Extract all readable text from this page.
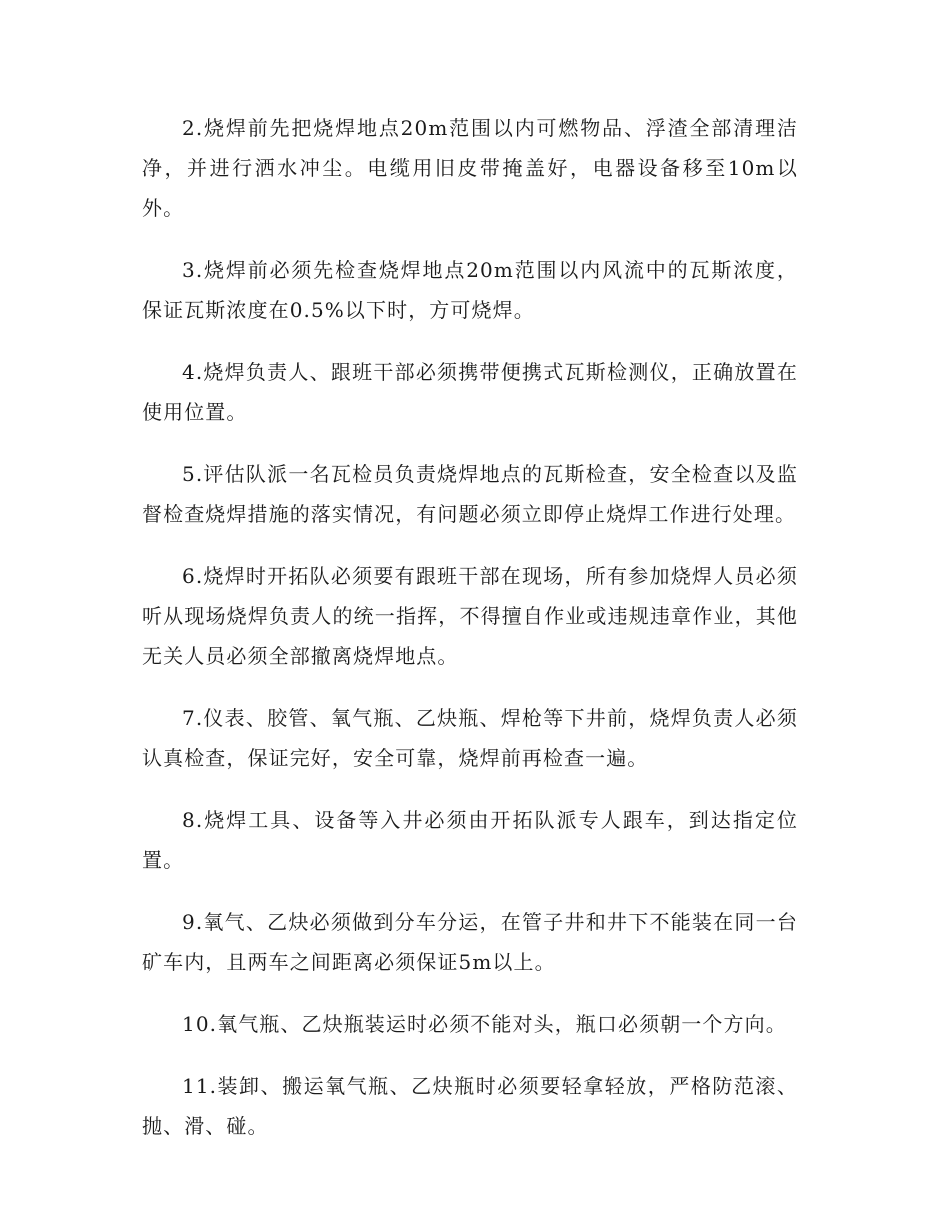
2.烧焊前先把烧焊地点20m范围以内可燃物品、浮渣全部清理洁净，并进行洒水冲尘。电缆用旧皮带掩盖好，电器设备移至10m以外。

3.烧焊前必须先检查烧焊地点20m范围以内风流中的瓦斯浓度，保证瓦斯浓度在0.5%以下时，方可烧焊。

4.烧焊负责人、跟班干部必须携带便携式瓦斯检测仪，正确放置在使用位置。

5.评估队派一名瓦检员负责烧焊地点的瓦斯检查，安全检查以及监督检查烧焊措施的落实情况，有问题必须立即停止烧焊工作进行处理。

6.烧焊时开拓队必须要有跟班干部在现场，所有参加烧焊人员必须听从现场烧焊负责人的统一指挥，不得擅自作业或违规违章作业，其他无关人员必须全部撤离烧焊地点。

7.仪表、胶管、氧气瓶、乙炔瓶、焊枪等下井前，烧焊负责人必须认真检查，保证完好，安全可靠，烧焊前再检查一遍。

8.烧焊工具、设备等入井必须由开拓队派专人跟车，到达指定位置。

9.氧气、乙炔必须做到分车分运，在管子井和井下不能装在同一台矿车内，且两车之间距离必须保证5m以上。

10.氧气瓶、乙炔瓶装运时必须不能对头，瓶口必须朝一个方向。

11.装卸、搬运氧气瓶、乙炔瓶时必须要轻拿轻放，严格防范滚、抛、滑、碰。
